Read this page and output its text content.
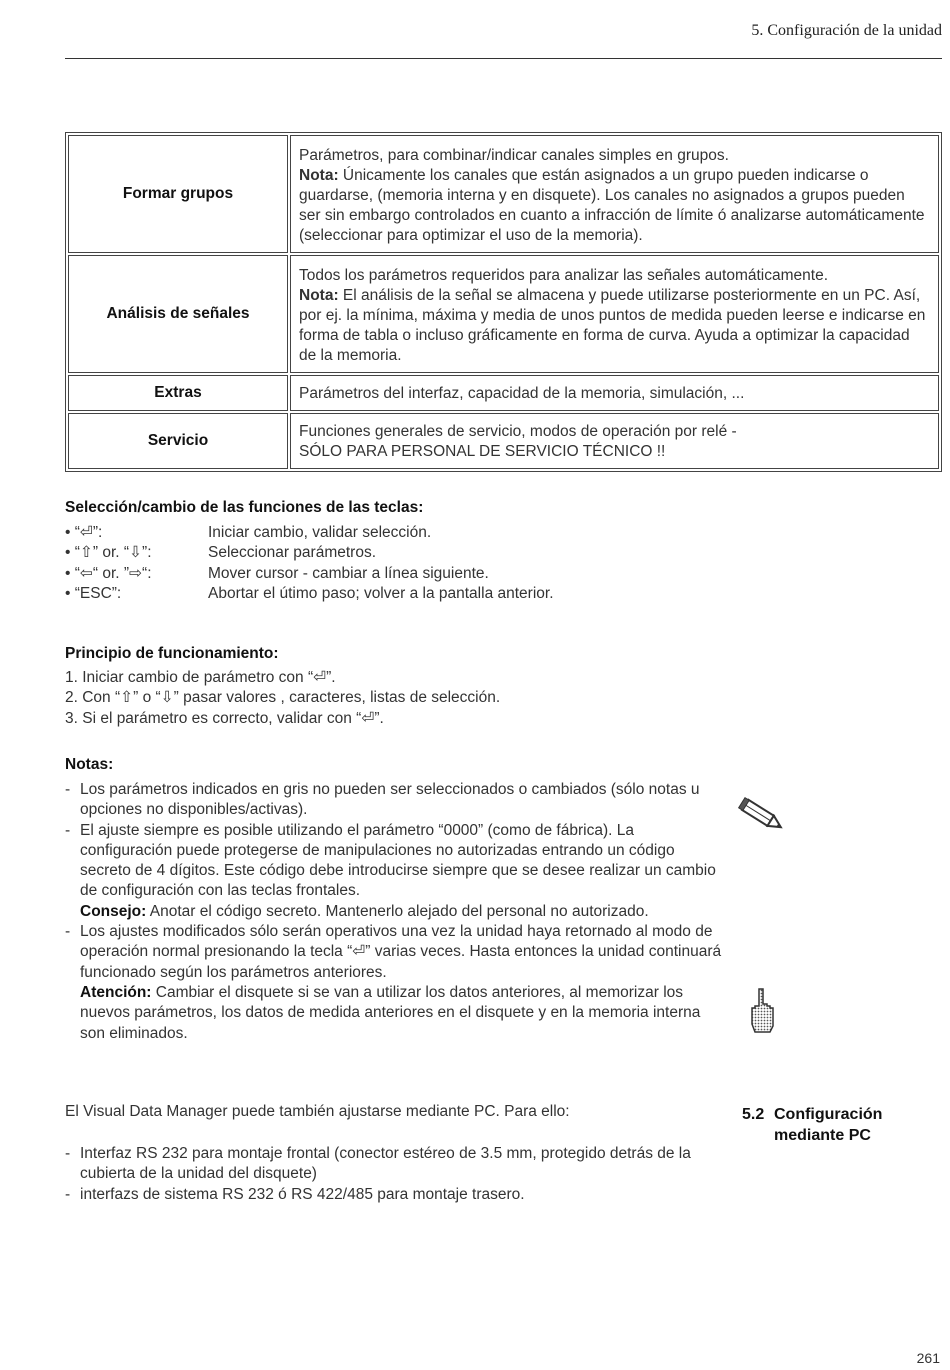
5. Configuración de la unidad
Formar grupos	Parámetros, para combinar/indicar canales simples en grupos.
Nota: Únicamente los canales que están asignados a un grupo pueden indicarse o guardarse, (memoria interna y en disquete). Los canales no asignados a grupos pueden ser sin embargo controlados en cuanto a infracción de límite ó analizarse automáticamente (seleccionar para optimizar el uso de la memoria).
Análisis de señales	Todos los parámetros requeridos para analizar las señales automáticamente.
Nota: El análisis de la señal se almacena y puede utilizarse posteriormente en un PC. Así, por ej. la mínima, máxima y media de unos puntos de medida pueden leerse e indicarse en forma de tabla o incluso gráficamente en forma de curva. Ayuda a optimizar la capacidad de la memoria.
Extras	Parámetros del interfaz, capacidad de la memoria, simulación, ...
Servicio	Funciones generales de servicio, modos de operación por relé -
SÓLO PARA PERSONAL DE SERVICIO TÉCNICO !!
Selección/cambio de las funciones de las teclas:
• “⏎”:	Iniciar cambio, validar selección.
• “⇧” or. “⇩”:	Seleccionar parámetros.
• “⇦“ or. ”⇨“:	Mover cursor - cambiar a línea siguiente.
• “ESC”:	Abortar el útimo paso; volver a la pantalla anterior.
Principio de funcionamiento:
1. Iniciar cambio de parámetro con “⏎”.
2. Con “⇧” o “⇩” pasar valores , caracteres, listas de selección.
3. Si el parámetro es correcto, validar con “⏎”.
Notas:
- Los parámetros indicados en gris no pueden ser seleccionados o cambiados (sólo notas u opciones no disponibles/activas).
- El ajuste siempre es posible utilizando el parámetro “0000” (como de fábrica). La configuración puede protegerse de manipulaciones no autorizadas entrando un código secreto de 4 dígitos. Este código debe introducirse siempre que se desee realizar un cambio de configuración con las teclas frontales.
Consejo: Anotar el código secreto. Mantenerlo alejado del personal no autorizado.
- Los ajustes modificados sólo serán operativos una vez la unidad haya retornado al modo de operación normal presionando la tecla “⏎” varias veces. Hasta entonces la unidad continuará funcionado según los parámetros anteriores.
Atención: Cambiar el disquete si se van a utilizar los datos anteriores, al memorizar los nuevos parámetros, los datos de medida anteriores en el disquete y en la memoria interna son eliminados.
5.2 Configuración
mediante PC
El Visual Data Manager puede también ajustarse mediante PC. Para ello:
- Interfaz RS 232 para montaje frontal (conector estéreo de 3.5 mm, protegido detrás de la cubierta de la unidad del disquete)
- interfazs de sistema RS 232 ó RS 422/485 para montaje trasero.
261
